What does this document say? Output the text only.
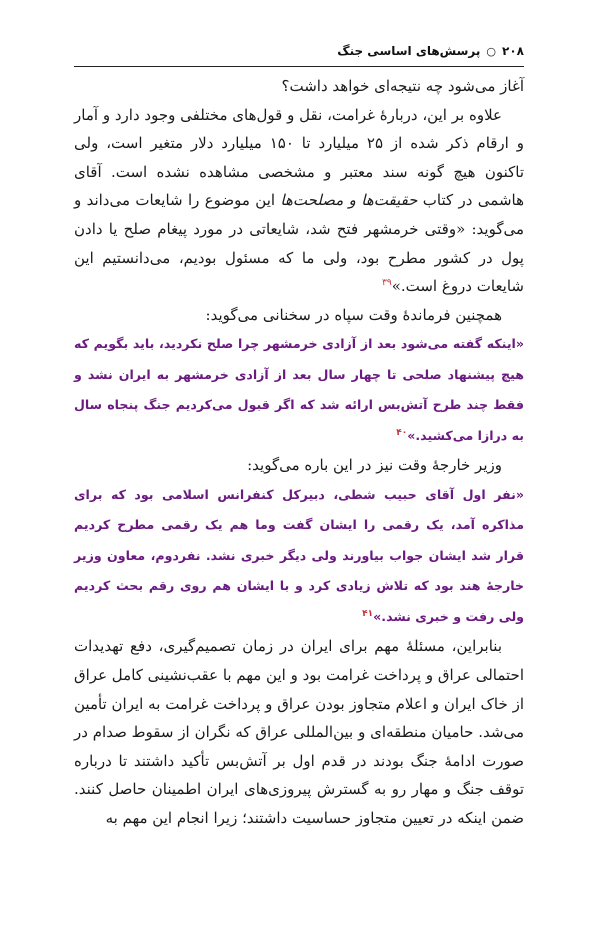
۲۰۸
○
پرسش‌های اساسی جنگ

آغاز می‌شود چه نتیجه‌ای خواهد داشت؟

علاوه بر این، دربارهٔ غرامت، نقل و قول‌های مختلفی وجود دارد و آمار و ارقام ذکر شده از ۲۵ میلیارد تا ۱۵۰ میلیارد دلار متغیر است، ولی تاکنون هیچ گونه سند معتبر و مشخصی مشاهده نشده است. آقای هاشمی در کتاب حقیقت‌ها و مصلحت‌ها این موضوع را شایعات می‌داند و می‌گوید: «وقتی خرمشهر فتح شد، شایعاتی در مورد پیغام صلح یا دادن پول در کشور مطرح بود، ولی ما که مسئول بودیم، می‌دانستیم این شایعات دروغ است.»$^{۳۹}$

همچنین فرماندهٔ وقت سپاه در سخنانی می‌گوید:

«اینکه گفته می‌شود بعد از آزادی خرمشهر چرا صلح نکردید، باید بگویم که هیچ پیشنهاد صلحی تا چهار سال بعد از آزادی خرمشهر به ایران نشد و فقط چند طرح آتش‌بس ارائه شد که اگر قبول می‌کردیم جنگ پنجاه سال به درازا می‌کشید.»$^{۴۰}$

وزیر خارجهٔ وقت نیز در این باره می‌گوید:

«نفر اول آقای حبیب شطی، دبیرکل کنفرانس اسلامی بود که برای مذاکره آمد، یک رقمی را ایشان گفت وما هم یک رقمی مطرح کردیم قرار شد ایشان جواب بیاورند ولی دیگر خبری نشد. نفردوم، معاون وزیر خارجهٔ هند بود که تلاش زیادی کرد و با ایشان هم روی رقم بحث کردیم ولی رفت و خبری نشد.»$^{۴۱}$

بنابراین، مسئلهٔ مهم برای ایران در زمان تصمیم‌گیری، دفع تهدیدات احتمالی عراق و پرداخت غرامت بود و این مهم با عقب‌نشینی کامل عراق از خاک ایران و اعلام متجاوز بودن عراق و پرداخت غرامت به ایران تأمین می‌شد. حامیان منطقه‌ای و بین‌المللی عراق که نگران از سقوط صدام در صورت ادامهٔ جنگ بودند در قدم اول بر آتش‌بس تأکید داشتند تا درباره توقف جنگ و مهار رو به گسترش پیروزی‌های ایران اطمینان حاصل کنند. ضمن اینکه در تعیین متجاوز حساسیت داشتند؛ زیرا انجام این مهم به
